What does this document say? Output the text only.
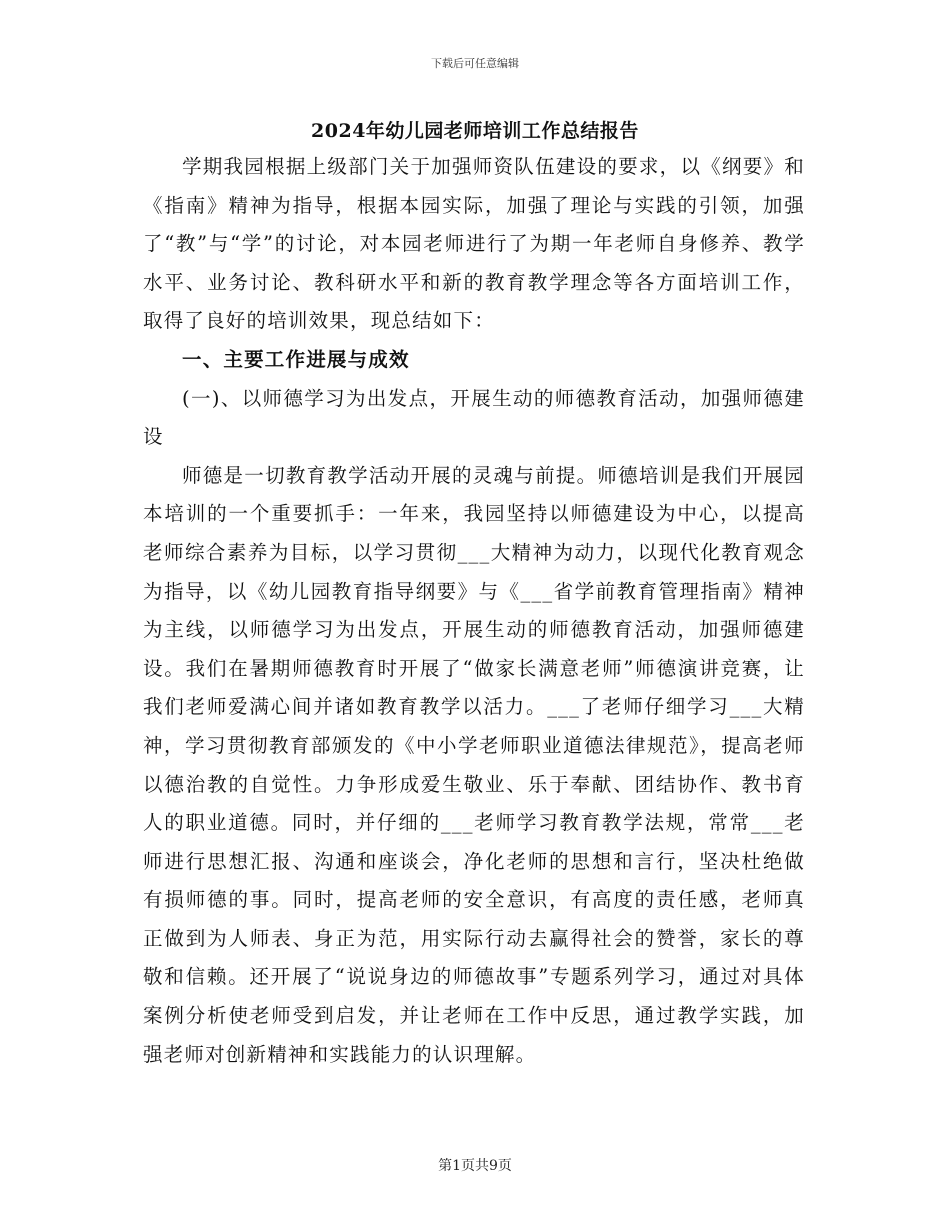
下载后可任意编辑
2024年幼儿园老师培训工作总结报告

学期我园根据上级部门关于加强师资队伍建设的要求，以《纲要》和《指南》精神为指导，根据本园实际，加强了理论与实践的引领，加强了“教”与“学”的讨论，对本园老师进行了为期一年老师自身修养、教学水平、业务讨论、教科研水平和新的教育教学理念等各方面培训工作，取得了良好的培训效果，现总结如下：

一、主要工作进展与成效

(一)、以师德学习为出发点，开展生动的师德教育活动，加强师德建设

师德是一切教育教学活动开展的灵魂与前提。师德培训是我们开展园本培训的一个重要抓手：一年来，我园坚持以师德建设为中心，以提高老师综合素养为目标，以学习贯彻___大精神为动力，以现代化教育观念为指导，以《幼儿园教育指导纲要》与《___省学前教育管理指南》精神为主线，以师德学习为出发点，开展生动的师德教育活动，加强师德建设。我们在暑期师德教育时开展了“做家长满意老师”师德演讲竞赛，让我们老师爱满心间并诸如教育教学以活力。___了老师仔细学习___大精神，学习贯彻教育部颁发的《中小学老师职业道德法律规范》，提高老师以德治教的自觉性。力争形成爱生敬业、乐于奉献、团结协作、教书育人的职业道德。同时，并仔细的___老师学习教育教学法规，常常___老师进行思想汇报、沟通和座谈会，净化老师的思想和言行，坚决杜绝做有损师德的事。同时，提高老师的安全意识，有高度的责任感，老师真正做到为人师表、身正为范，用实际行动去赢得社会的赞誉，家长的尊敬和信赖。还开展了“说说身边的师德故事”专题系列学习，通过对具体案例分析使老师受到启发，并让老师在工作中反思，通过教学实践，加强老师对创新精神和实践能力的认识理解。

第1页共9页
